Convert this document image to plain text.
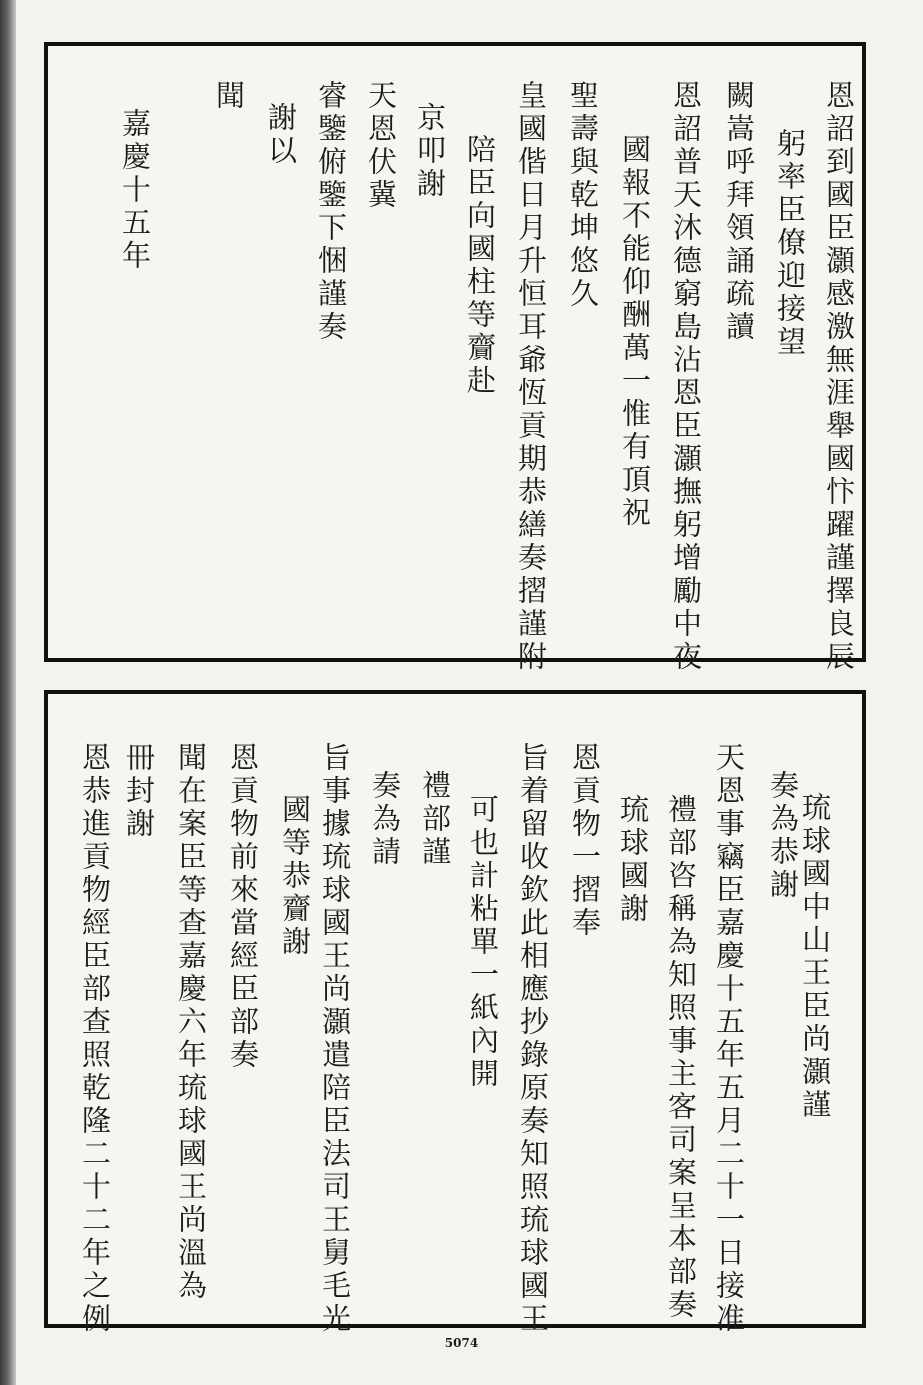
恩詔到國臣灝感激無涯舉國忭躍謹擇良辰
躬率臣僚迎接望
闕嵩呼拜領誦疏讀
恩詔普天沐德窮島沾恩臣灝撫躬增勵中夜
國報不能仰酬萬一惟有頂祝
聖壽與乾坤悠久
皇國偕日月升恒耳爺恆貢期恭繕奏摺謹附
陪臣向國柱等齎赴
京叩謝
天恩伏冀
睿鑒俯鑒下悃謹奏
謝以
聞
嘉慶十五年
琉球國中山王臣尚灝謹
奏為恭謝
天恩事竊臣嘉慶十五年五月二十一日接准
禮部咨稱為知照事主客司案呈本部奏
琉球國謝
恩貢物一摺奉
旨着留收欽此相應抄錄原奏知照琉球國王
可也計粘單一紙內開
禮部謹
奏為請
旨事據琉球國王尚灝遣陪臣法司王舅毛光
國等恭齎謝
恩貢物前來當經臣部奏
聞在案臣等查嘉慶六年琉球國王尚溫為
冊封謝
恩恭進貢物經臣部查照乾隆二十二年之例
5074
